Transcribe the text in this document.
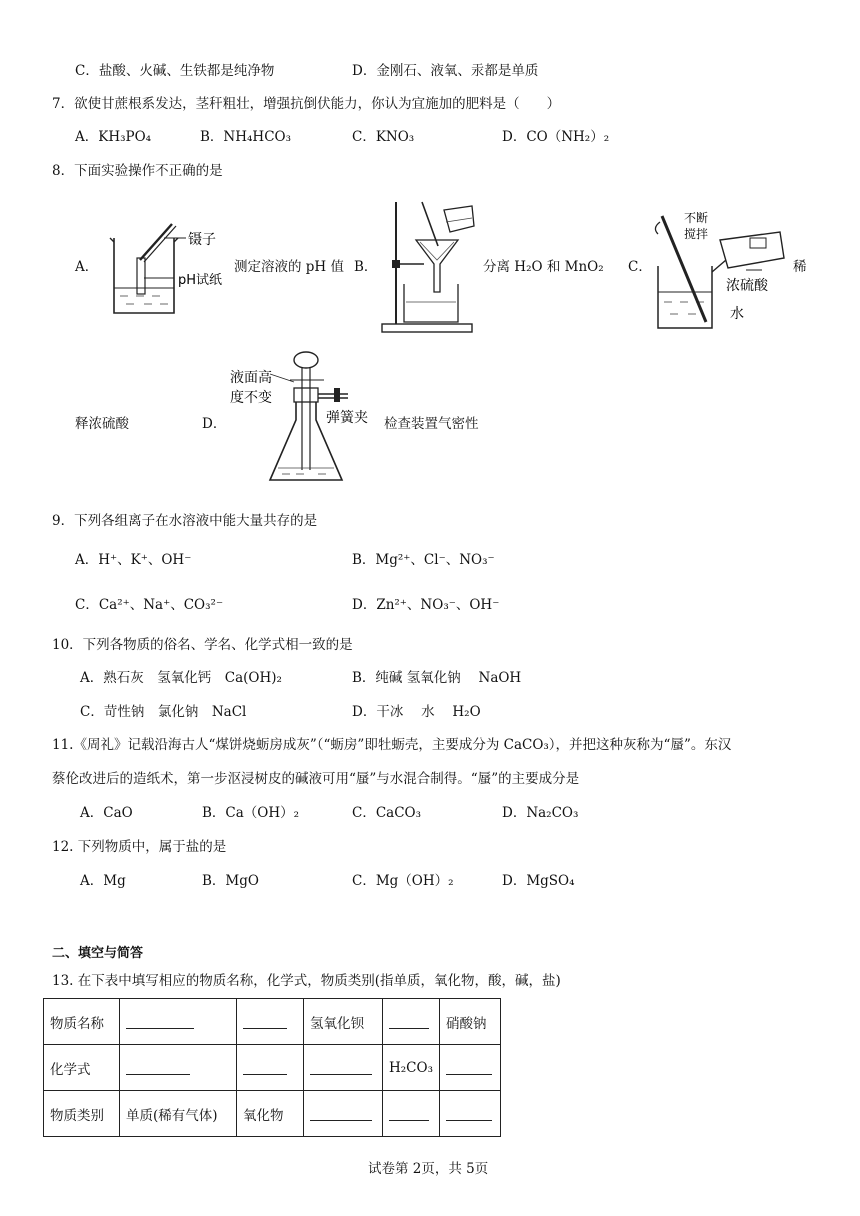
C．盐酸、火碱、生铁都是纯净物	D．金刚石、液氧、汞都是单质
7．欲使甘蔗根系发达，茎秆粗壮，增强抗倒伏能力，你认为宜施加的肥料是（　　）
A．KH₃PO₄	B．NH₄HCO₃	C．KNO₃	D．CO（NH₂）₂
8．下面实验操作不正确的是
A．
镊子
pH试纸
测定溶液的 pH 值 B．	分离 H₂O 和 MnO₂ C．
不断
搅拌
浓硫酸
水
稀
释浓硫酸	D．
液面高
度不变
弹簧夹 检查装置气密性
9．下列各组离子在水溶液中能大量共存的是
A．H⁺、K⁺、OH⁻	B．Mg²⁺、Cl⁻、NO₃⁻
C．Ca²⁺、Na⁺、CO₃²⁻	D．Zn²⁺、NO₃⁻、OH⁻
10．下列各物质的俗名、学名、化学式相一致的是
A．熟石灰　氢氧化钙　Ca(OH)₂	B．纯碱 氢氧化钠　 NaOH
C．苛性钠　氯化钠　NaCl	D．干冰　 水　 H₂O
11.《周礼》记载沿海古人“煤饼烧蛎房成灰”（“蛎房”即牡蛎壳，主要成分为 CaCO₃），并把这种灰称为“蜃”。东汉
蔡伦改进后的造纸术，第一步沤浸树皮的碱液可用“蜃”与水混合制得。“蜃”的主要成分是
A．CaO	B．Ca（OH）₂	C．CaCO₃	D．Na₂CO₃
12. 下列物质中，属于盐的是
A．Mg	B．MgO	C．Mg（OH）₂	D．MgSO₄
二、填空与简答
13. 在下表中填写相应的物质名称，化学式，物质类别(指单质，氧化物，酸，碱，盐)
物质名称			氢氧化钡		硝酸钠
化学式				H₂CO₃	
物质类别	单质(稀有气体)	氧化物			
试卷第 2页，共 5页
